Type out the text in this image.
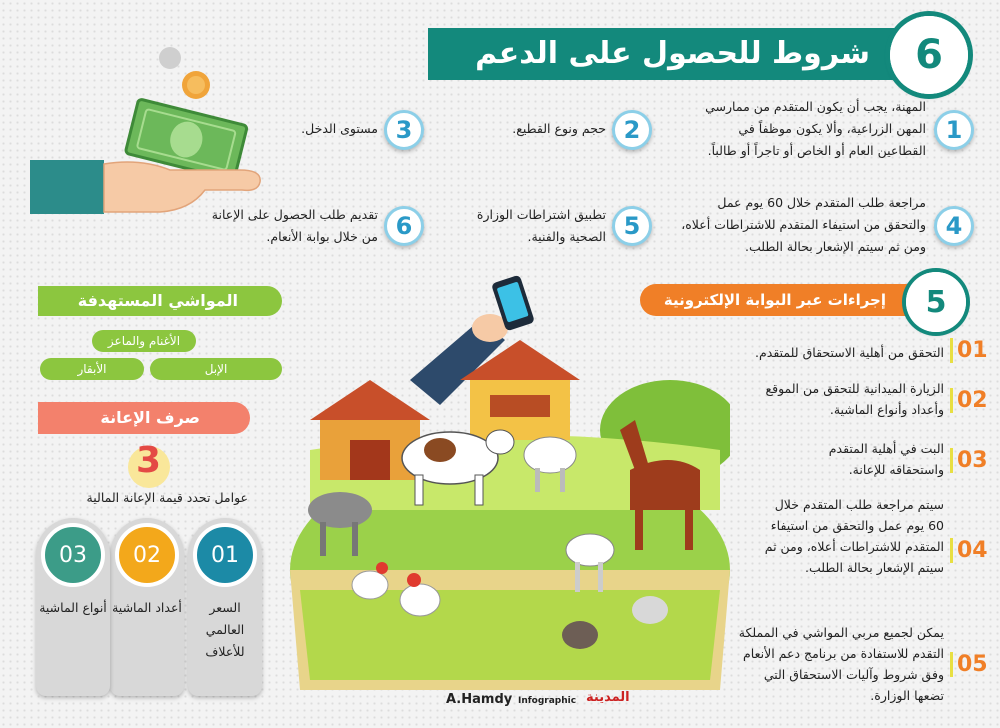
شروط للحصول على الدعم	6
1
المهنة، يجب أن يكون المتقدم من ممارسي المهن الزراعية، وألا يكون موظفاً في القطاعين العام أو الخاص أو تاجراً أو طالباً.
2
حجم ونوع القطيع.
3
مستوى الدخل.
4
مراجعة طلب المتقدم خلال 60 يوم عمل والتحقق من استيفاء المتقدم للاشتراطات أعلاه، ومن ثم سيتم الإشعار بحالة الطلب.
5
تطبيق اشتراطات الوزارة الصحية والفنية.
6
تقديم طلب الحصول على الإعانة من خلال بوابة الأنعام.
إجراءات عبر البوابة الإلكترونية	5
01
التحقق من أهلية الاستحقاق للمتقدم.
02
الزيارة الميدانية للتحقق من الموقع وأعداد وأنواع الماشية.
03
البت في أهلية المتقدم واستحقاقه للإعانة.
04
سيتم مراجعة طلب المتقدم خلال 60 يوم عمل والتحقق من استيفاء المتقدم للاشتراطات أعلاه، ومن ثم سيتم الإشعار بحالة الطلب.
05
يمكن لجميع مربي المواشي في المملكة التقدم للاستفادة من برنامج دعم الأنعام وفق شروط وآليات الاستحقاق التي تضعها الوزارة.
المواشي المستهدفة
الأغنام والماعز
الإبل
الأبقار
صرف الإعانة
3
عوامل تحدد قيمة الإعانة المالية
01
السعر العالمي للأعلاف
02
أعداد الماشية
03
أنواع الماشية
A.Hamdy Infographic المدينة
